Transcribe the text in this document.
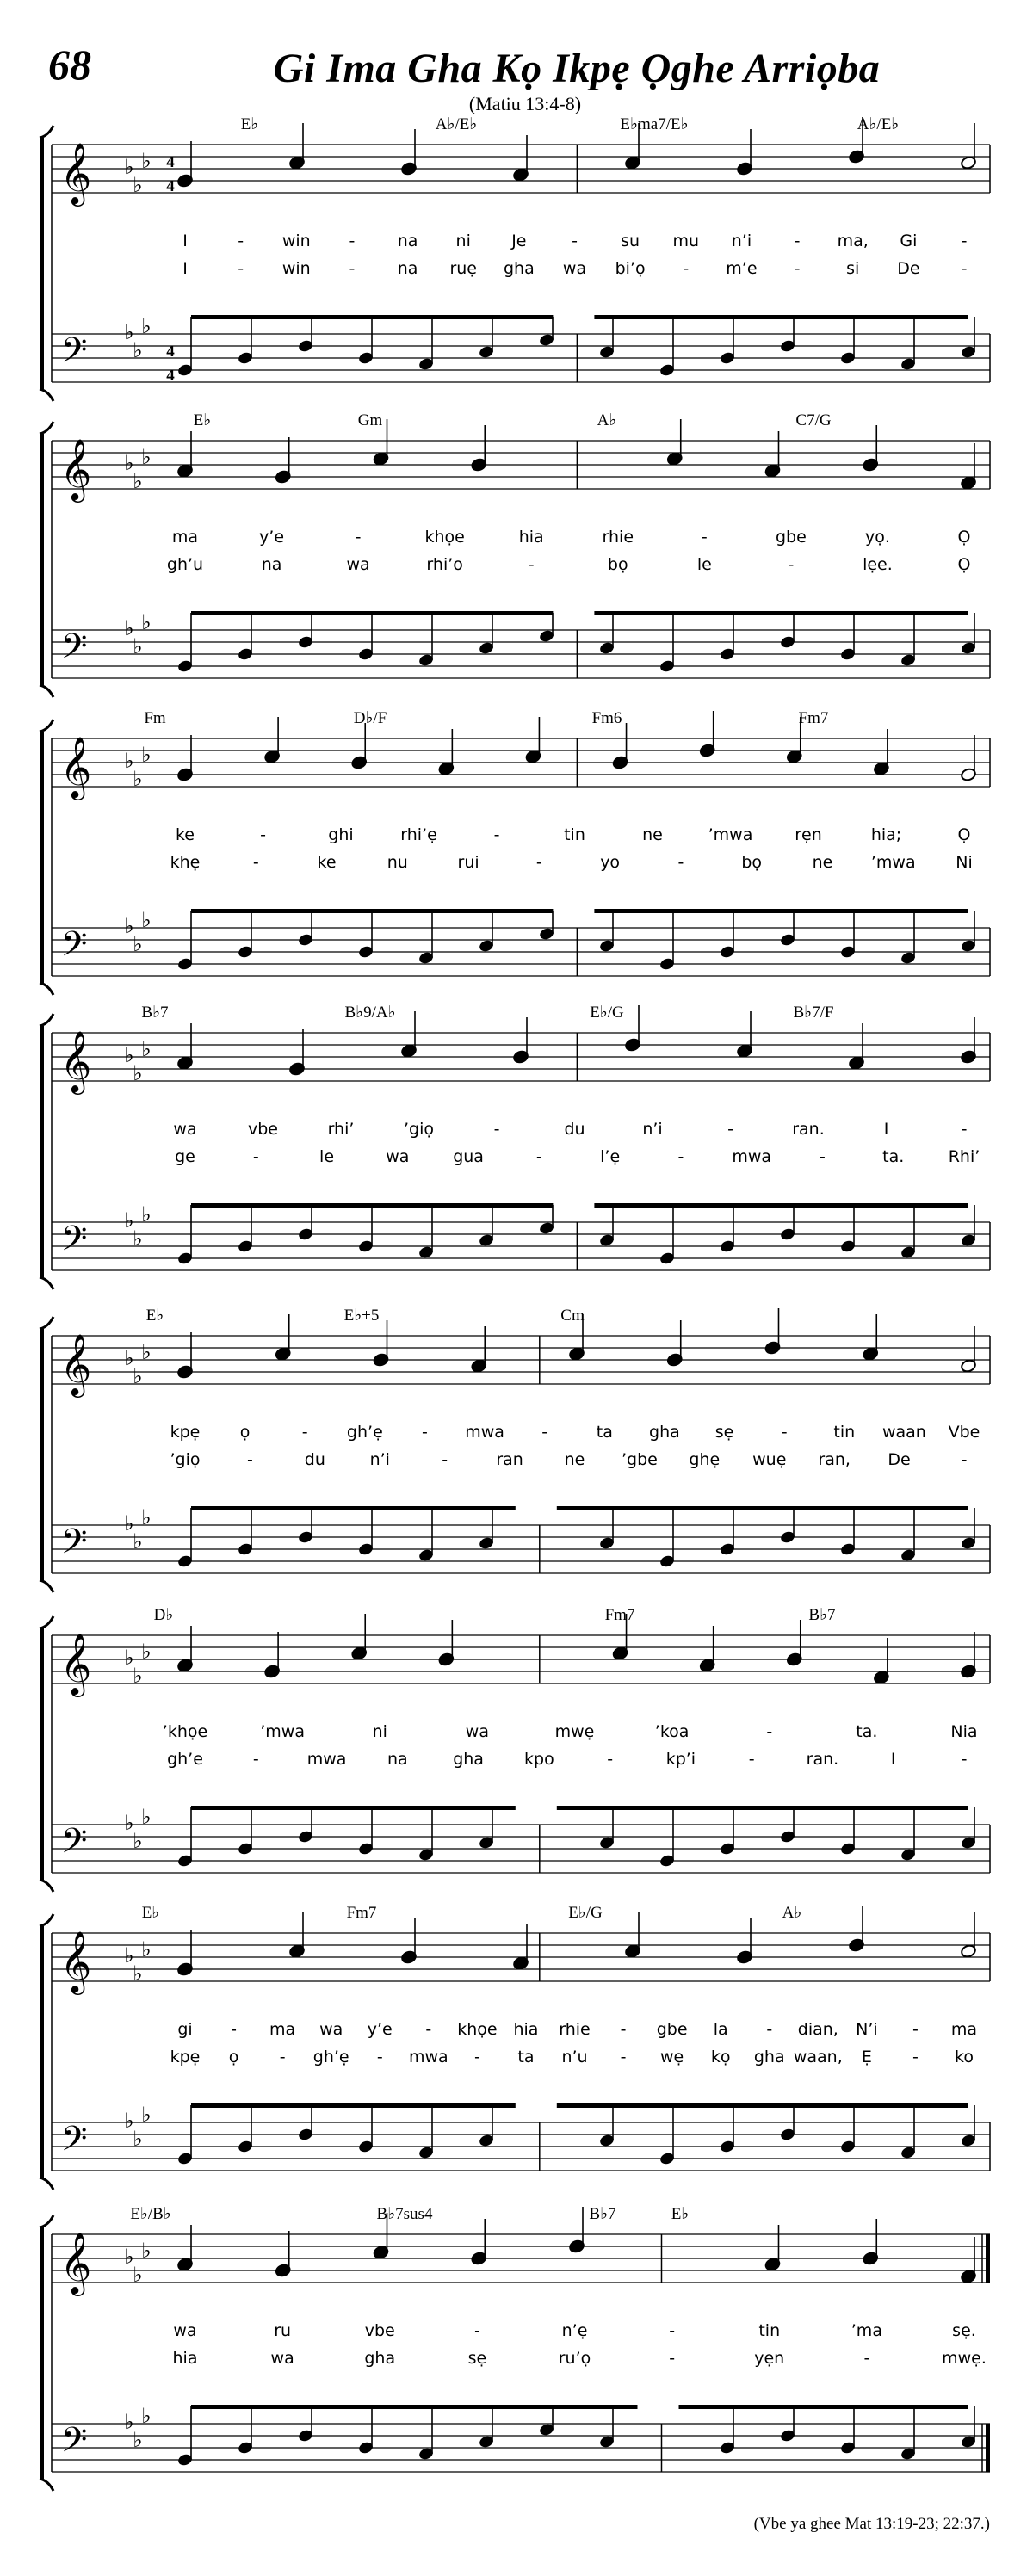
68	Gi Ima Gha Kọ Ikpẹ Ọghe Arriọba
(Matiu 13:4-8)
𝄞
𝄢
♭
♭
♭
♭
♭
♭
4
4
4
4
E♭	A♭/E♭	E♭ma7/E♭	A♭/E♭
I	- win -	na ni Je	-	su mu n’i	- ma, Gi	-
I	- win -	na ruẹ gha wa bi’ọ - m’e -	si De	-
𝄞
𝄢
♭
♭
♭
♭
♭
♭
E♭	Gm	A♭	C7/G
ma	y’e	-	khọe	hia	rhie	-	gbe	yọ.	Ọ
gh’u	na	wa	rhi’o	-	bọ	le	-	lẹe.	Ọ
𝄞
𝄢
♭
♭
♭
♭
♭
♭
Fm	D♭/F	Fm6	Fm7
ke	-	ghi	rhi’ẹ	-	tin	ne	’mwa	rẹn	hia;	Ọ
khẹ	-	ke	nu	rui	-	yo	-	bọ	ne ’mwa Ni
𝄞
𝄢
♭
♭
♭
♭
♭
♭
B♭7	B♭9/A♭	E♭/G	B♭7/F
wa	vbe	rhi’	’giọ	-	du	n’i	-	ran.	I	-
ge	-	le	wa	gua	-	l’ẹ	-	mwa	-	ta.	Rhi’
𝄞
𝄢
♭
♭
♭
♭
♭
♭
E♭	E♭+5	Cm
kpẹ ọ	- gh’ẹ - mwa -	ta gha sẹ	-	tin waan Vbe
’giọ	-	du	n’i	-	ran	ne ’gbe ghẹ wuẹ ran, De	-
𝄞
𝄢
♭
♭
♭
♭
♭
♭
D♭	Fm7	B♭7
’khọe	’mwa	ni	wa	mwẹ	’koa	-	ta.	Nia
gh’e	-	mwa	na	gha kpo	-	kp’i	-	ran.	I	-
𝄞
𝄢
♭
♭
♭
♭
♭
♭
E♭	Fm7	E♭/G	A♭
gi - ma wa y’e - khọe hia rhie - gbe la - dian, N’i - ma
kpẹ ọ - gh’ẹ - mwa - ta n’u - wẹ kọ gha waan, Ẹ - ko
𝄞
𝄢
♭
♭
♭
♭
♭
♭
E♭/B♭	B♭7sus4	B♭7	E♭
wa	ru	vbe	-	n’ẹ	-	tin	’ma	sẹ.
hia	wa	gha	sẹ	ru’ọ	-	yẹn	-	mwẹ.
(Vbe ya ghee Mat 13:19-23; 22:37.)
